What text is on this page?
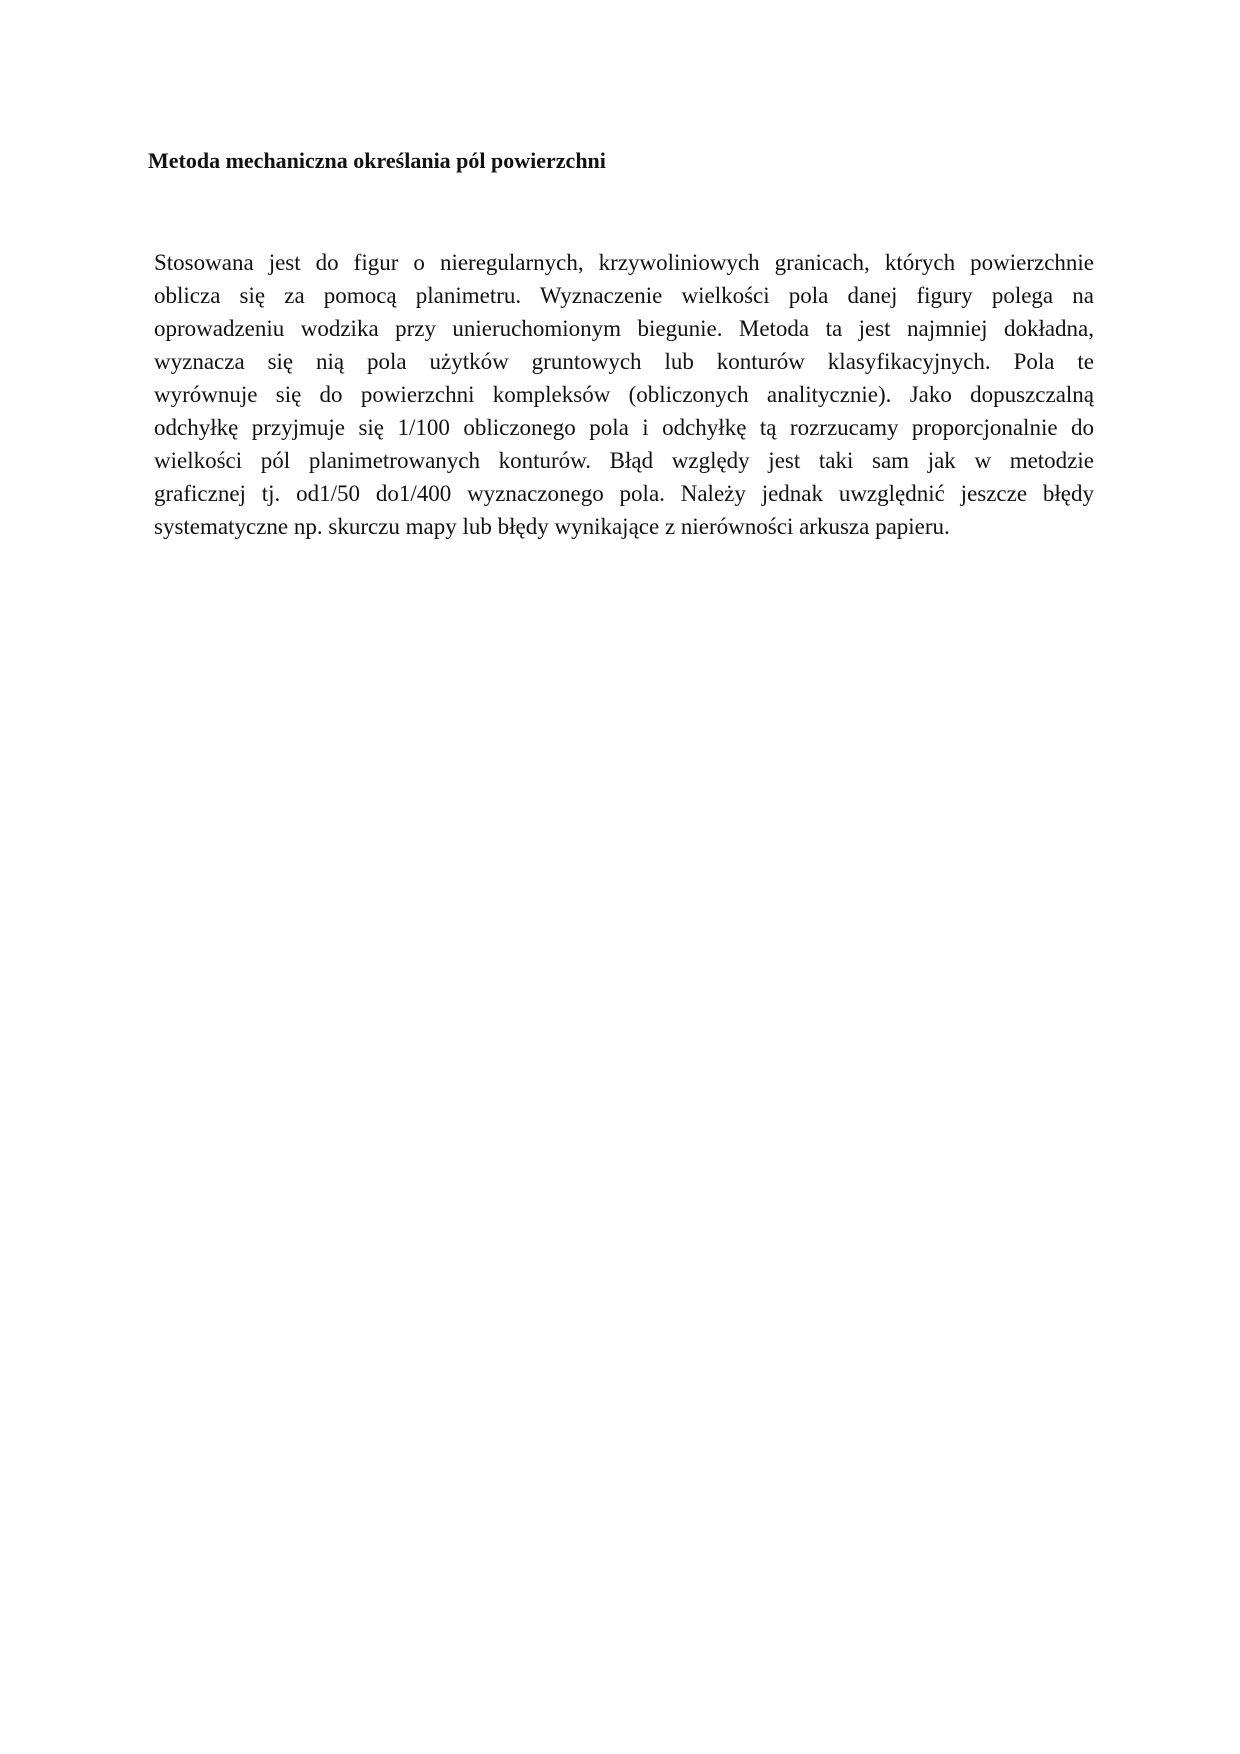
Metoda mechaniczna określania pól powierzchni
Stosowana jest do figur o nieregularnych, krzywoliniowych granicach, których powierzchnie
oblicza się za pomocą planimetru. Wyznaczenie wielkości pola danej figury polega na
oprowadzeniu wodzika przy unieruchomionym biegunie. Metoda ta jest najmniej dokładna,
wyznacza się nią pola użytków gruntowych lub konturów klasyfikacyjnych. Pola te
wyrównuje się do powierzchni kompleksów (obliczonych analitycznie). Jako dopuszczalną
odchyłkę przyjmuje się 1/100 obliczonego pola i odchyłkę tą rozrzucamy proporcjonalnie do
wielkości pól planimetrowanych konturów. Błąd względy jest taki sam jak w metodzie
graficznej tj. od1/50 do1/400 wyznaczonego pola. Należy jednak uwzględnić jeszcze błędy
systematyczne np. skurczu mapy lub błędy wynikające z nierówności arkusza papieru.
